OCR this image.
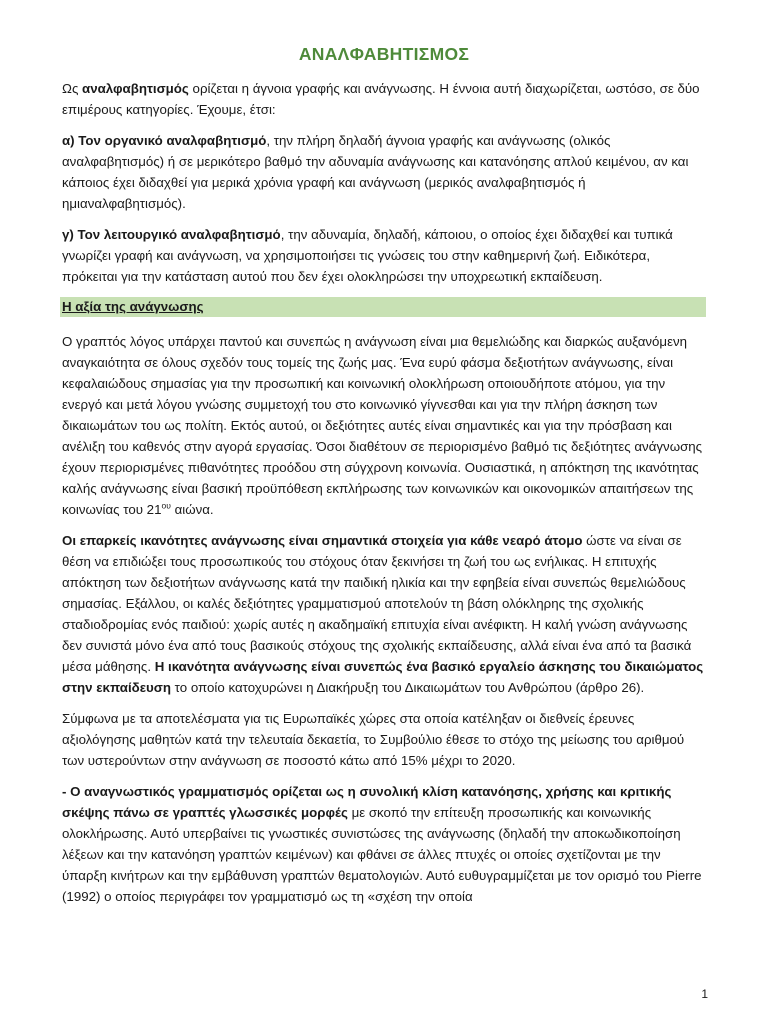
ΑΝΑΛΦΑΒΗΤΙΣΜΟΣ

Ως αναλφαβητισμός ορίζεται η άγνοια γραφής και ανάγνωσης. Η έννοια αυτή διαχωρίζεται, ωστόσο, σε δύο επιμέρους κατηγορίες. Έχουμε, έτσι:

α) Τον οργανικό αναλφαβητισμό, την πλήρη δηλαδή άγνοια γραφής και ανάγνωσης (ολικός αναλφαβητισμός) ή σε μερικότερο βαθμό την αδυναμία ανάγνωσης και κατανόησης απλού κειμένου, αν και κάποιος έχει διδαχθεί για μερικά χρόνια γραφή και ανάγνωση (μερικός αναλφαβητισμός ή ημιαναλφαβητισμός).

γ) Τον λειτουργικό αναλφαβητισμό, την αδυναμία, δηλαδή, κάποιου, ο οποίος έχει διδαχθεί και τυπικά γνωρίζει γραφή και ανάγνωση, να χρησιμοποιήσει τις γνώσεις του στην καθημερινή ζωή. Ειδικότερα, πρόκειται για την κατάσταση αυτού που δεν έχει ολοκληρώσει την υποχρεωτική εκπαίδευση.

Η αξία της ανάγνωσης

Ο γραπτός λόγος υπάρχει παντού και συνεπώς η ανάγνωση είναι μια θεμελιώδης και διαρκώς αυξανόμενη αναγκαιότητα σε όλους σχεδόν τους τομείς της ζωής μας. Ένα ευρύ φάσμα δεξιοτήτων ανάγνωσης, είναι κεφαλαιώδους σημασίας για την προσωπική και κοινωνική ολοκλήρωση οποιουδήποτε ατόμου, για την ενεργό και μετά λόγου γνώσης συμμετοχή του στο κοινωνικό γίγνεσθαι και για την πλήρη άσκηση των δικαιωμάτων του ως πολίτη. Εκτός αυτού, οι δεξιότητες αυτές είναι σημαντικές και για την πρόσβαση και ανέλιξη του καθενός στην αγορά εργασίας. Όσοι διαθέτουν σε περιορισμένο βαθμό τις δεξιότητες ανάγνωσης έχουν περιορισμένες πιθανότητες προόδου στη σύγχρονη κοινωνία. Ουσιαστικά, η απόκτηση της ικανότητας καλής ανάγνωσης είναι βασική προϋπόθεση εκπλήρωσης των κοινωνικών και οικονομικών απαιτήσεων της κοινωνίας του $21^{o\upsilon}$ αιώνα.

Οι επαρκείς ικανότητες ανάγνωσης είναι σημαντικά στοιχεία για κάθε νεαρό άτομο ώστε να είναι σε θέση να επιδιώξει τους προσωπικούς του στόχους όταν ξεκινήσει τη ζωή του ως ενήλικας. Η επιτυχής απόκτηση των δεξιοτήτων ανάγνωσης κατά την παιδική ηλικία και την εφηβεία είναι συνεπώς θεμελιώδους σημασίας. Εξάλλου, οι καλές δεξιότητες γραμματισμού αποτελούν τη βάση ολόκληρης της σχολικής σταδιοδρομίας ενός παιδιού: χωρίς αυτές η ακαδημαϊκή επιτυχία είναι ανέφικτη. Η καλή γνώση ανάγνωσης δεν συνιστά μόνο ένα από τους βασικούς στόχους της σχολικής εκπαίδευσης, αλλά είναι ένα από τα βασικά μέσα μάθησης. Η ικανότητα ανάγνωσης είναι συνεπώς ένα βασικό εργαλείο άσκησης του δικαιώματος στην εκπαίδευση το οποίο κατοχυρώνει η Διακήρυξη του Δικαιωμάτων του Ανθρώπου (άρθρο 26).

Σύμφωνα με τα αποτελέσματα για τις Ευρωπαϊκές χώρες στα οποία κατέληξαν οι διεθνείς έρευνες αξιολόγησης μαθητών κατά την τελευταία δεκαετία, το Συμβούλιο έθεσε το στόχο της μείωσης του αριθμού των υστερούντων στην ανάγνωση σε ποσοστό κάτω από 15% μέχρι το 2020.

- Ο αναγνωστικός γραμματισμός ορίζεται ως η συνολική κλίση κατανόησης, χρήσης και κριτικής σκέψης πάνω σε γραπτές γλωσσικές μορφές με σκοπό την επίτευξη προσωπικής και κοινωνικής ολοκλήρωσης. Αυτό υπερβαίνει τις γνωστικές συνιστώσες της ανάγνωσης (δηλαδή την αποκωδικοποίηση λέξεων και την κατανόηση γραπτών κειμένων) και φθάνει σε άλλες πτυχές οι οποίες σχετίζονται με την ύπαρξη κινήτρων και την εμβάθυνση γραπτών θεματολογιών. Αυτό ευθυγραμμίζεται με τον ορισμό του Pierre (1992) ο οποίος περιγράφει τον γραμματισμό ως τη «σχέση την οποία

1
